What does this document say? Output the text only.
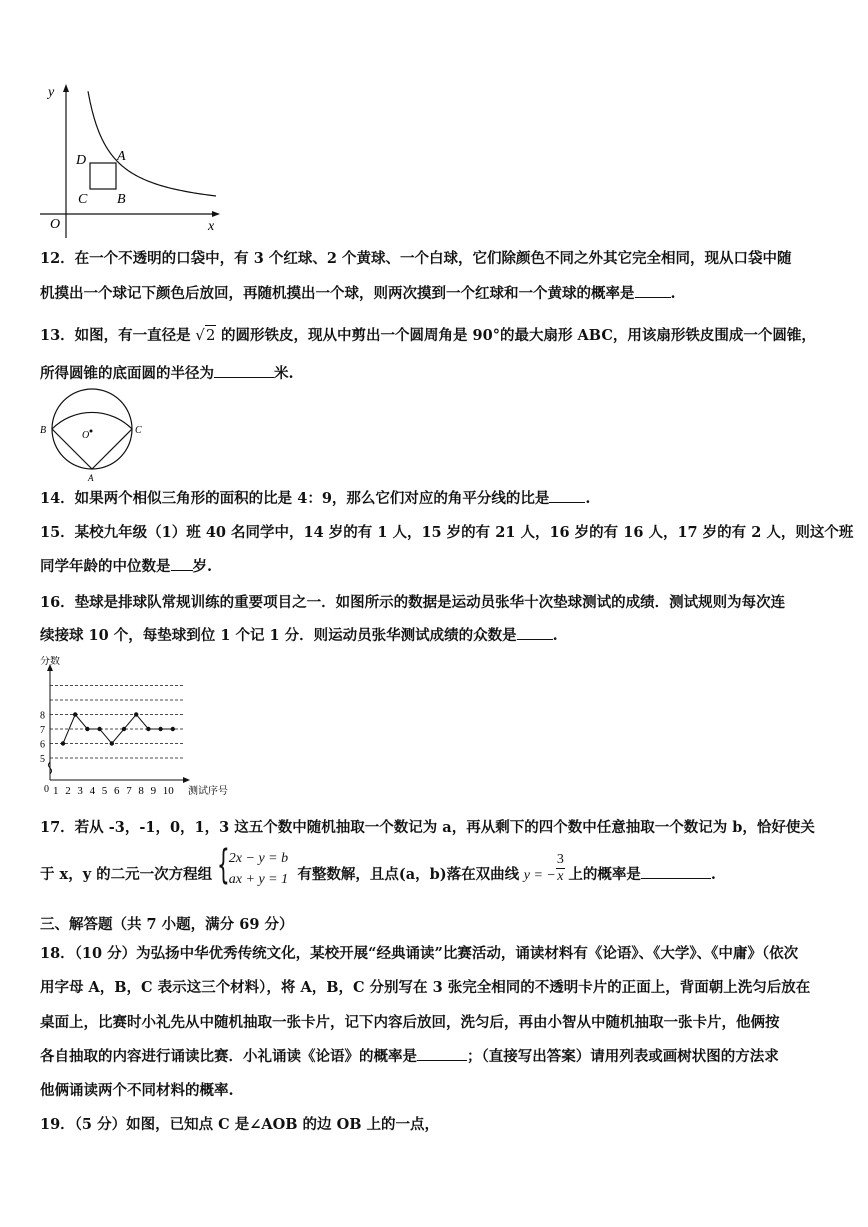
y
x
O
D A
C B
12．在一个不透明的口袋中，有 3 个红球、2 个黄球、一个白球，它们除颜色不同之外其它完全相同，现从口袋中随
机摸出一个球记下颜色后放回，再随机摸出一个球，则两次摸到一个红球和一个黄球的概率是 .
13．如图，有一直径是 √2 的圆形铁皮，现从中剪出一个圆周角是 90°的最大扇形 ABC，用该扇形铁皮围成一个圆锥，
所得圆锥的底面圆的半径为	米.
B	C
A
O
14．如果两个相似三角形的面积的比是 4：9，那么它们对应的角平分线的比是 .
15．某校九年级（1）班 40 名同学中，14 岁的有 1 人，15 岁的有 21 人，16 岁的有 16 人，17 岁的有 2 人，则这个班
同学年龄的中位数是 岁.
16．垫球是排球队常规训练的重要项目之一．如图所示的数据是运动员张华十次垫球测试的成绩．测试规则为每次连
续接球 10 个，每垫球到位 1 个记 1 分．则运动员张华测试成绩的众数是 .
5
6
7
8
0 1 2 3 4 5 6 7 8 9 10
分数
测试序号
17．若从 -3，-1，0，1，3 这五个数中随机抽取一个数记为 a，再从剩下的四个数中任意抽取一个数记为 b，恰好使关
于 x，y 的二元一次方程组 { 2x − y = b
ax + y = 1 有整数解，且点(a，b)落在双曲线 y = − $\frac{3}{x}$ 上的概率是	.
三、解答题（共 7 小题，满分 69 分）
18．（10 分）为弘扬中华优秀传统文化，某校开展“经典诵读”比赛活动，诵读材料有《论语》、《大学》、《中庸》（依次
用字母 A，B，C 表示这三个材料），将 A，B，C 分别写在 3 张完全相同的不透明卡片的正面上，背面朝上洗匀后放在
桌面上，比赛时小礼先从中随机抽取一张卡片，记下内容后放回，洗匀后，再由小智从中随机抽取一张卡片，他俩按
各自抽取的内容进行诵读比赛．小礼诵读《论语》的概率是	；（直接写出答案）请用列表或画树状图的方法求
他俩诵读两个不同材料的概率.
19．（5 分）如图，已知点 C 是∠AOB 的边 OB 上的一点，
